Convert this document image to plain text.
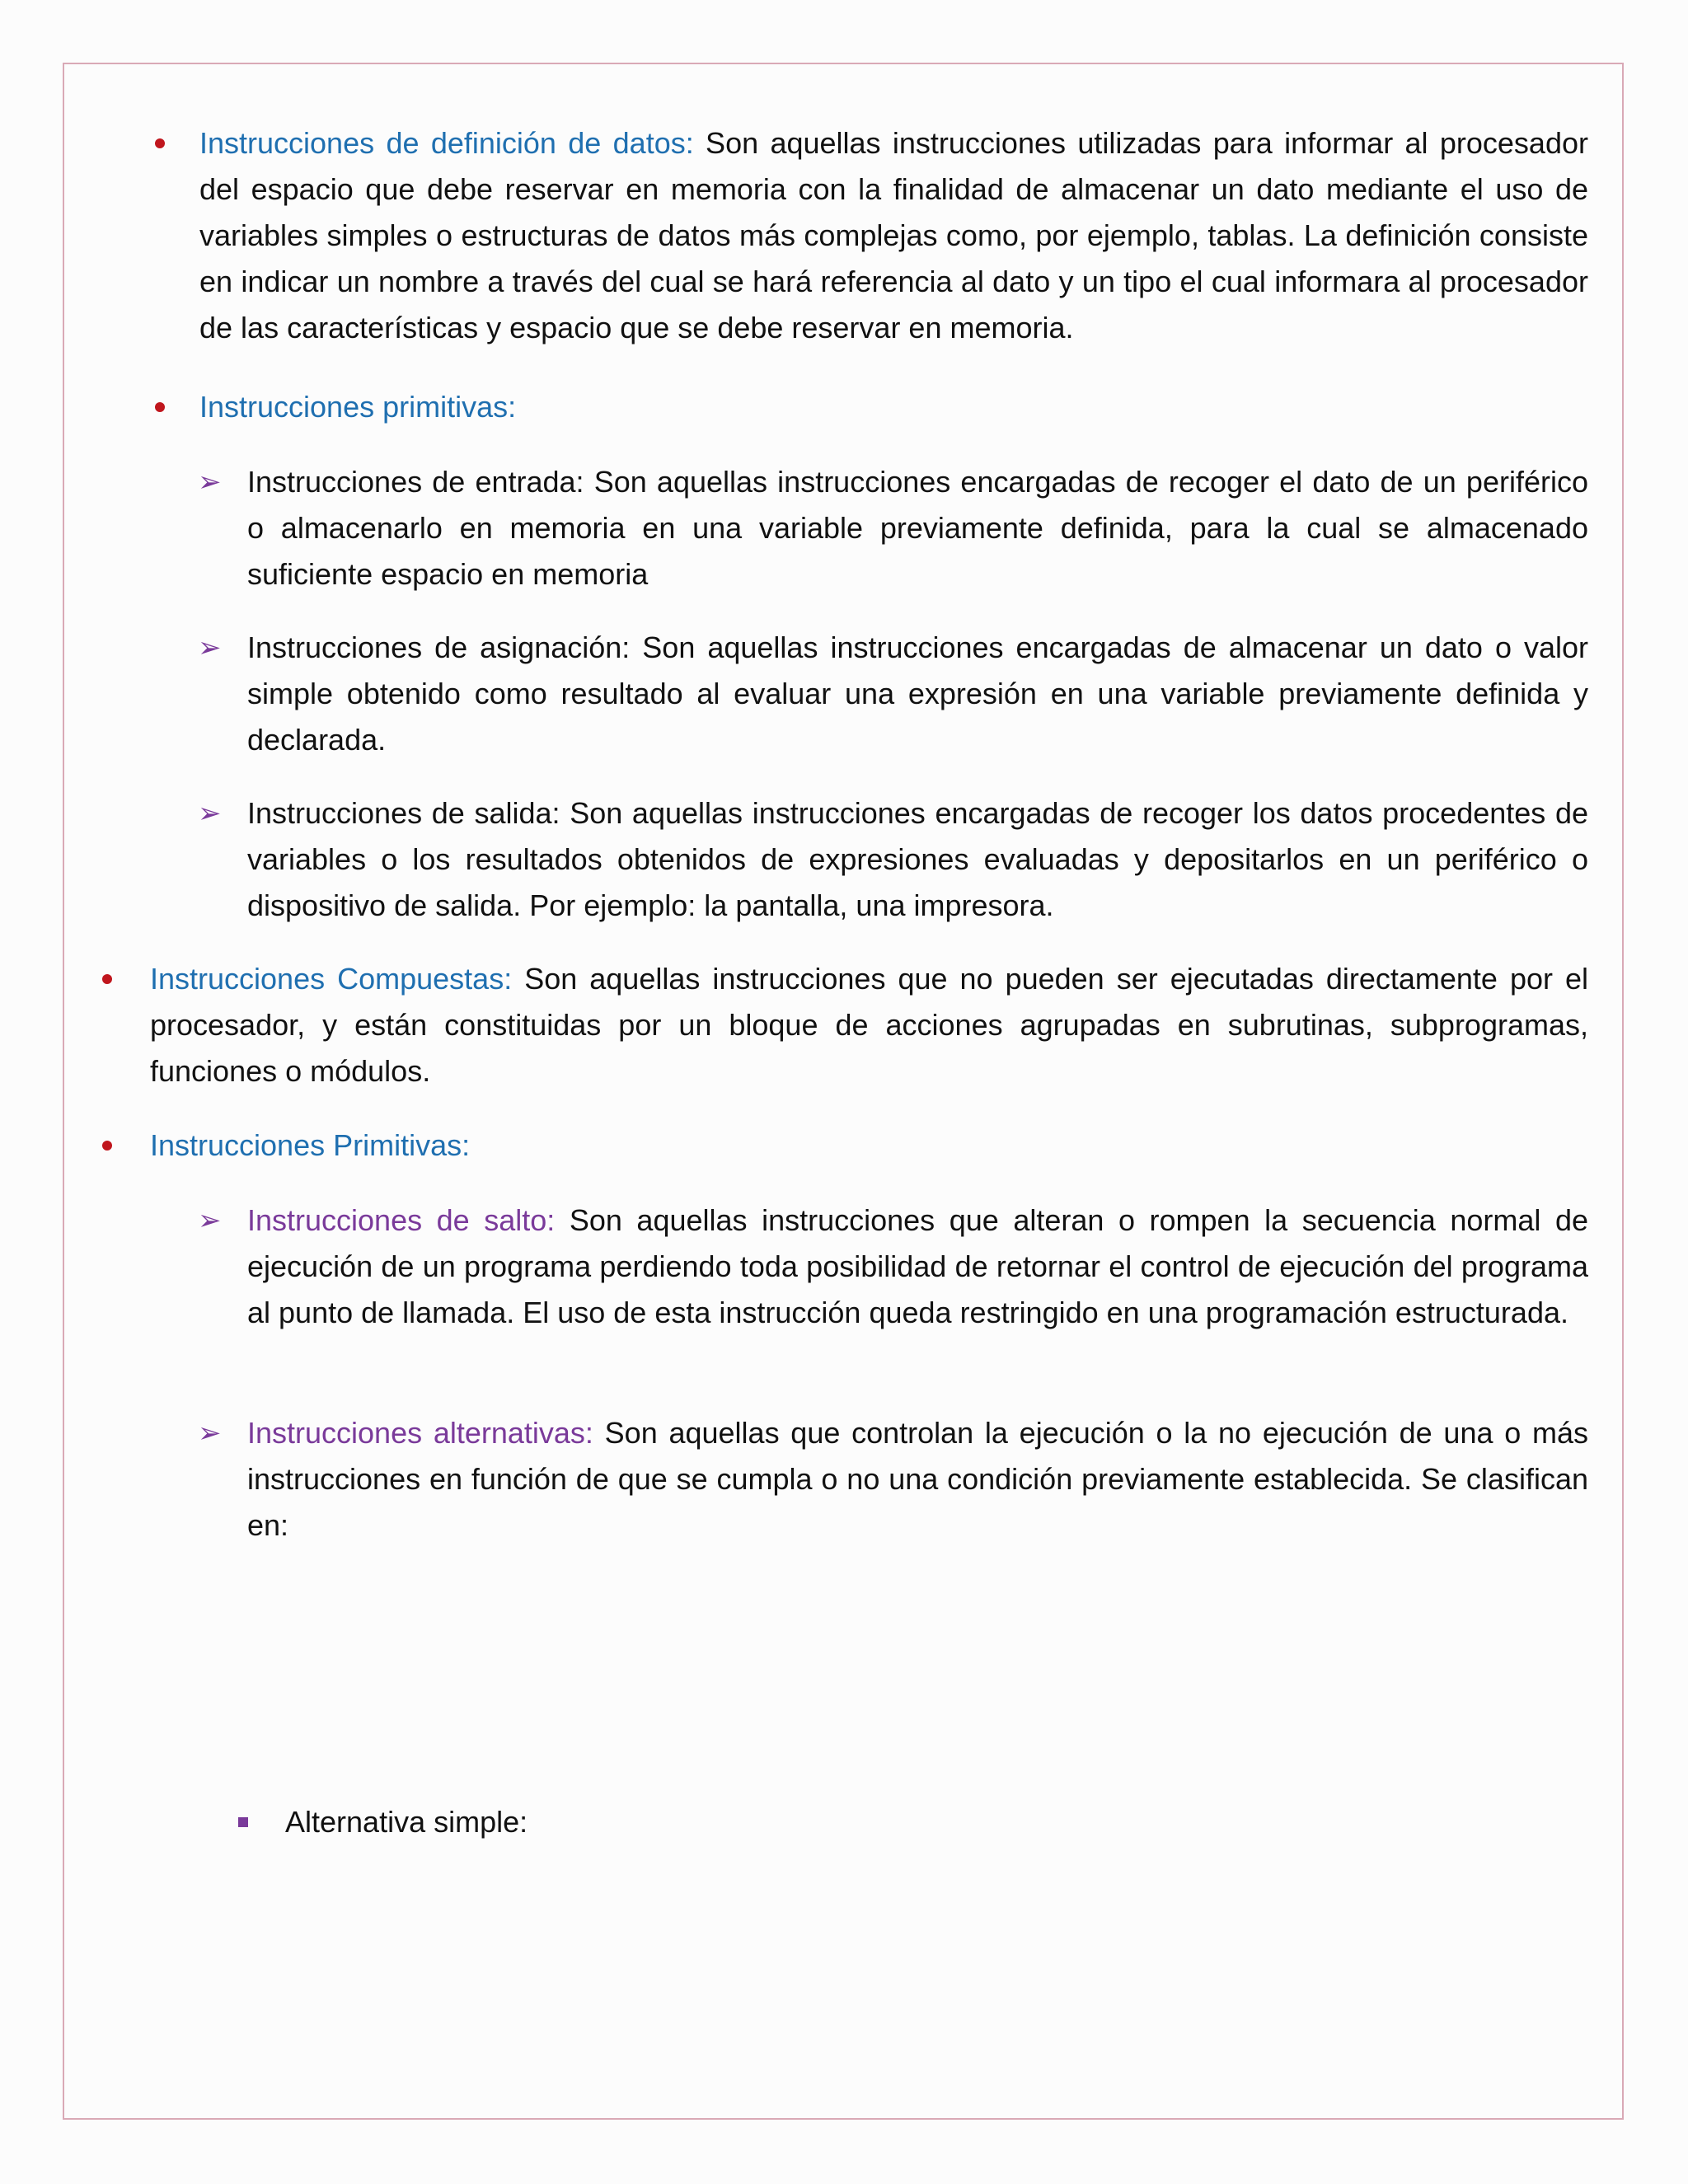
Instrucciones de definición de datos: Son aquellas instrucciones utilizadas para informar al procesador del espacio que debe reservar en memoria con la finalidad de almacenar un dato mediante el uso de variables simples o estructuras de datos más complejas como, por ejemplo, tablas. La definición consiste en indicar un nombre a través del cual se hará referencia al dato y un tipo el cual informara al procesador de las características y espacio que se debe reservar en memoria.

Instrucciones primitivas:

➢ Instrucciones de entrada: Son aquellas instrucciones encargadas de recoger el dato de un periférico o almacenarlo en memoria en una variable previamente definida, para la cual se almacenado suficiente espacio en memoria

➢ Instrucciones de asignación: Son aquellas instrucciones encargadas de almacenar un dato o valor simple obtenido como resultado al evaluar una expresión en una variable previamente definida y declarada.

➢ Instrucciones de salida: Son aquellas instrucciones encargadas de recoger los datos procedentes de variables o los resultados obtenidos de expresiones evaluadas y depositarlos en un periférico o dispositivo de salida. Por ejemplo: la pantalla, una impresora.

Instrucciones Compuestas: Son aquellas instrucciones que no pueden ser ejecutadas directamente por el procesador, y están constituidas por un bloque de acciones agrupadas en subrutinas, subprogramas, funciones o módulos.

Instrucciones Primitivas:

➢ Instrucciones de salto: Son aquellas instrucciones que alteran o rompen la secuencia normal de ejecución de un programa perdiendo toda posibilidad de retornar el control de ejecución del programa al punto de llamada. El uso de esta instrucción queda restringido en una programación estructurada.

➢ Instrucciones alternativas: Son aquellas que controlan la ejecución o la no ejecución de una o más instrucciones en función de que se cumpla o no una condición previamente establecida. Se clasifican en:

Alternativa simple:
